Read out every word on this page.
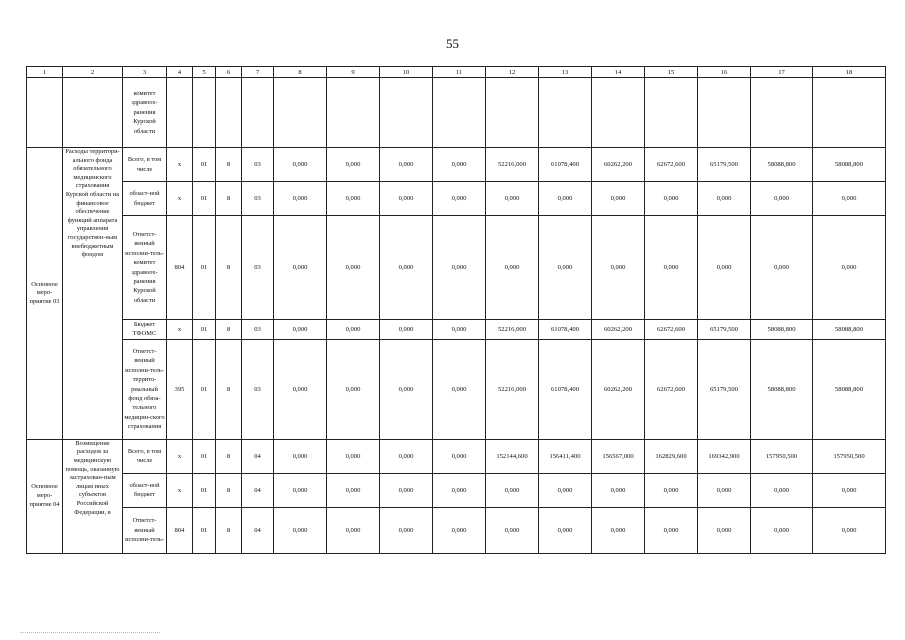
55
1	2	3	4	5	6	7	8	9	10	11	12	13	14	15	16	17	18
		комитет здравоох-ранения Курской области															
Основное меро-приятие 03	Расходы территори-ального фонда обязательного медицинского страхования Курской области на финансовое обеспечение функций аппарата управления государствен-ным внебюджетным фондом	Всего, в том числе	x	01	8	03	0,000	0,000	0,000	0,000	52216,000	61078,400	60262,200	62672,600	65179,500	58088,800	58088,800
		област-ной бюджет	x	01	8	03	0,000	0,000	0,000	0,000	0,000	0,000	0,000	0,000	0,000	0,000	0,000
		Ответст-венный исполни-тель-комитет здравоох-ранения Курской области	804	01	8	03	0,000	0,000	0,000	0,000	0,000	0,000	0,000	0,000	0,000	0,000	0,000
		Бюджет ТФОМС	x	01	8	03	0,000	0,000	0,000	0,000	52216,000	61078,400	60262,200	62672,600	65179,500	58088,800	58088,800
		Ответст-венный исполни-тель-террито-риальный фонд обяза-тельного медицин-ского страхования	395	01	8	03	0,000	0,000	0,000	0,000	52216,000	61078,400	60262,200	62672,600	65179,500	58088,800	58088,800
Основное меро-приятие 04	Возмещение расходов за медицинскую помощь, оказанную застрахован-ным лицам иных субъектов Российской Федерации, в	Всего, в том числе	x	01	8	04	0,000	0,000	0,000	0,000	152144,600	156411,400	156567,000	162829,600	169342,900	157950,500	157950,500
		област-ной бюджет	x	01	8	04	0,000	0,000	0,000	0,000	0,000	0,000	0,000	0,000	0,000	0,000	0,000
		Ответст-венный исполни-тель-	804	01	8	04	0,000	0,000	0,000	0,000	0,000	0,000	0,000	0,000	0,000	0,000	0,000
